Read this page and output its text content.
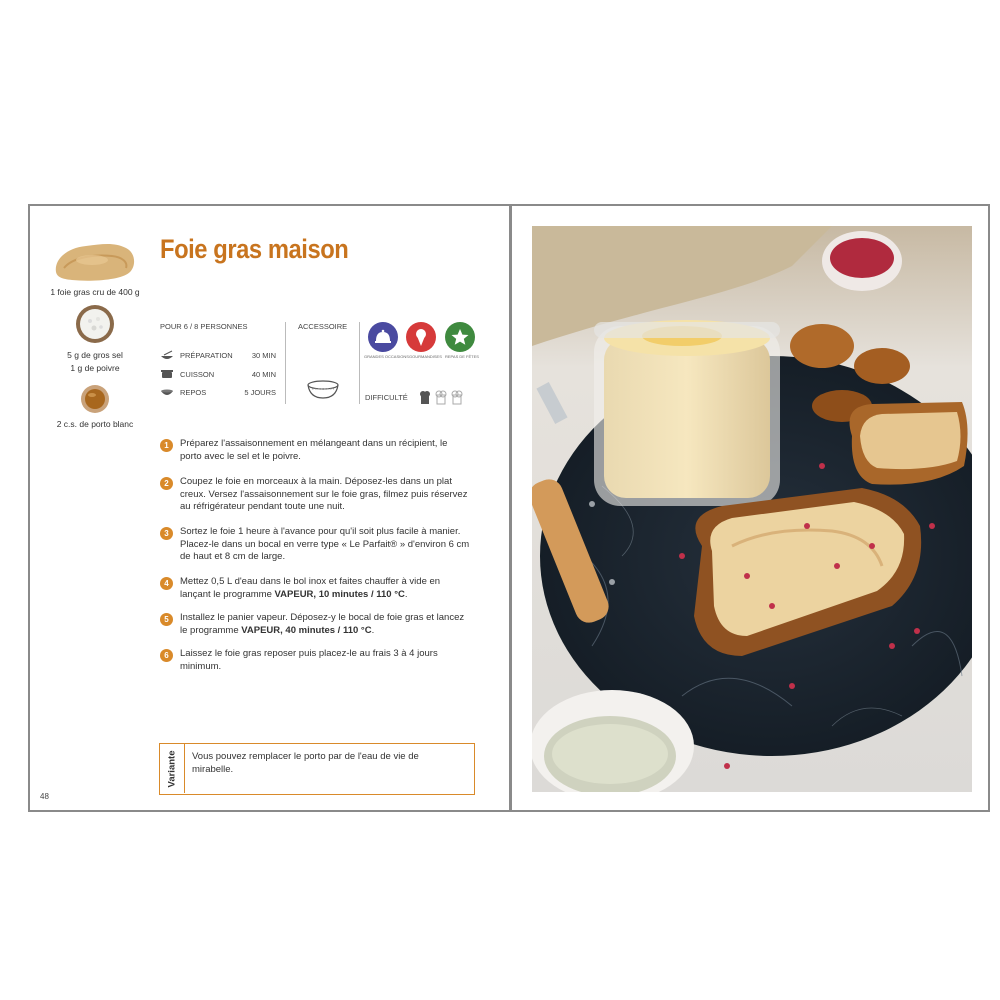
1 foie gras cru de 400 g
5 g de gros sel
1 g de poivre
2 c.s. de porto blanc
Foie gras maison
POUR 6 / 8 PERSONNES
PRÉPARATION	30 MIN
CUISSON	40 MIN
REPOS	5 JOURS
ACCESSOIRE
GRANDES OCCASIONS GOURMANDISES REPAS DE FÊTES
DIFFICULTÉ
1	Préparez l'assaisonnement en mélangeant dans un récipient, le porto avec le sel et le poivre.
2	Coupez le foie en morceaux à la main. Déposez-les dans un plat creux. Versez l'assaisonnement sur le foie gras, filmez puis réservez au réfrigérateur pendant toute une nuit.
3	Sortez le foie 1 heure à l'avance pour qu'il soit plus facile à manier. Placez-le dans un bocal en verre type « Le Parfait® » d'environ 6 cm de haut et 8 cm de large.
4	Mettez 0,5 L d'eau dans le bol inox et faites chauffer à vide en lançant le programme VAPEUR, 10 minutes / 110 °C.
5	Installez le panier vapeur. Déposez-y le bocal de foie gras et lancez le programme VAPEUR, 40 minutes / 110 °C.
6	Laissez le foie gras reposer puis placez-le au frais 3 à 4 jours minimum.
Variante Vous pouvez remplacer le porto par de l'eau de vie de mirabelle.
48
